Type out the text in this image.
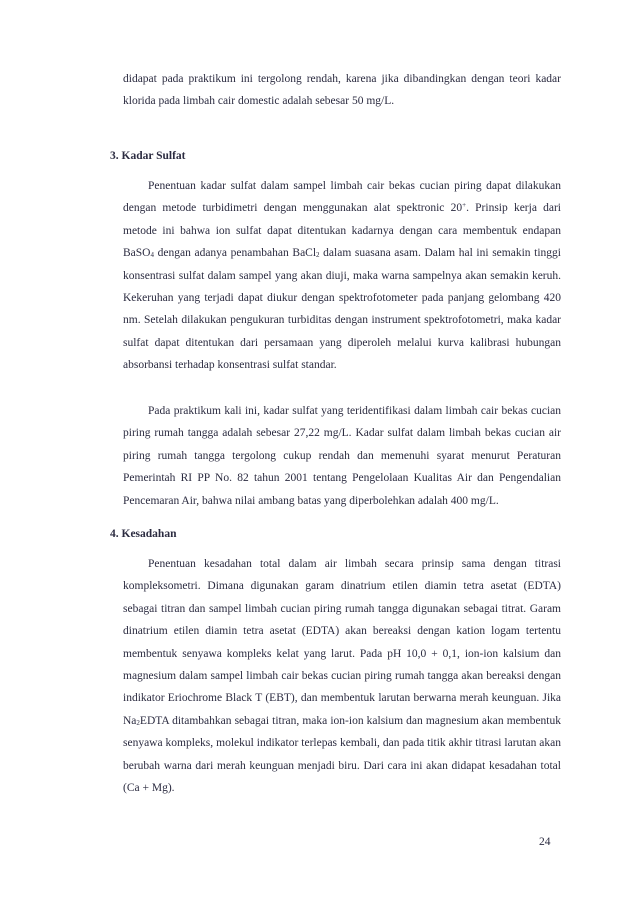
didapat pada praktikum ini tergolong rendah, karena jika dibandingkan dengan teori kadar klorida pada limbah cair domestic adalah sebesar 50 mg/L.

3. Kadar Sulfat

Penentuan kadar sulfat dalam sampel limbah cair bekas cucian piring dapat dilakukan dengan metode turbidimetri dengan menggunakan alat spektronic 20+. Prinsip kerja dari metode ini bahwa ion sulfat dapat ditentukan kadarnya dengan cara membentuk endapan BaSO$_4$ dengan adanya penambahan BaCl$_2$ dalam suasana asam. Dalam hal ini semakin tinggi konsentrasi sulfat dalam sampel yang akan diuji, maka warna sampelnya akan semakin keruh. Kekeruhan yang terjadi dapat diukur dengan spektrofotometer pada panjang gelombang 420 nm. Setelah dilakukan pengukuran turbiditas dengan instrument spektrofotometri, maka kadar sulfat dapat ditentukan dari persamaan yang diperoleh melalui kurva kalibrasi hubungan absorbansi terhadap konsentrasi sulfat standar.

Pada praktikum kali ini, kadar sulfat yang teridentifikasi dalam limbah cair bekas cucian piring rumah tangga adalah sebesar 27,22 mg/L. Kadar sulfat dalam limbah bekas cucian air piring rumah tangga tergolong cukup rendah dan memenuhi syarat menurut Peraturan Pemerintah RI PP No. 82 tahun 2001 tentang Pengelolaan Kualitas Air dan Pengendalian Pencemaran Air, bahwa nilai ambang batas yang diperbolehkan adalah 400 mg/L.

4. Kesadahan

Penentuan kesadahan total dalam air limbah secara prinsip sama dengan titrasi kompleksometri. Dimana digunakan garam dinatrium etilen diamin tetra asetat (EDTA) sebagai titran dan sampel limbah cucian piring rumah tangga digunakan sebagai titrat. Garam dinatrium etilen diamin tetra asetat (EDTA) akan bereaksi dengan kation logam tertentu membentuk senyawa kompleks kelat yang larut. Pada pH 10,0 + 0,1, ion-ion kalsium dan magnesium dalam sampel limbah cair bekas cucian piring rumah tangga akan bereaksi dengan indikator Eriochrome Black T (EBT), dan membentuk larutan berwarna merah keunguan. Jika $Na_2EDTA$ ditambahkan sebagai titran, maka ion-ion kalsium dan magnesium akan membentuk senyawa kompleks, molekul indikator terlepas kembali, dan pada titik akhir titrasi larutan akan berubah warna dari merah keunguan menjadi biru. Dari cara ini akan didapat kesadahan total (Ca + Mg).

24
